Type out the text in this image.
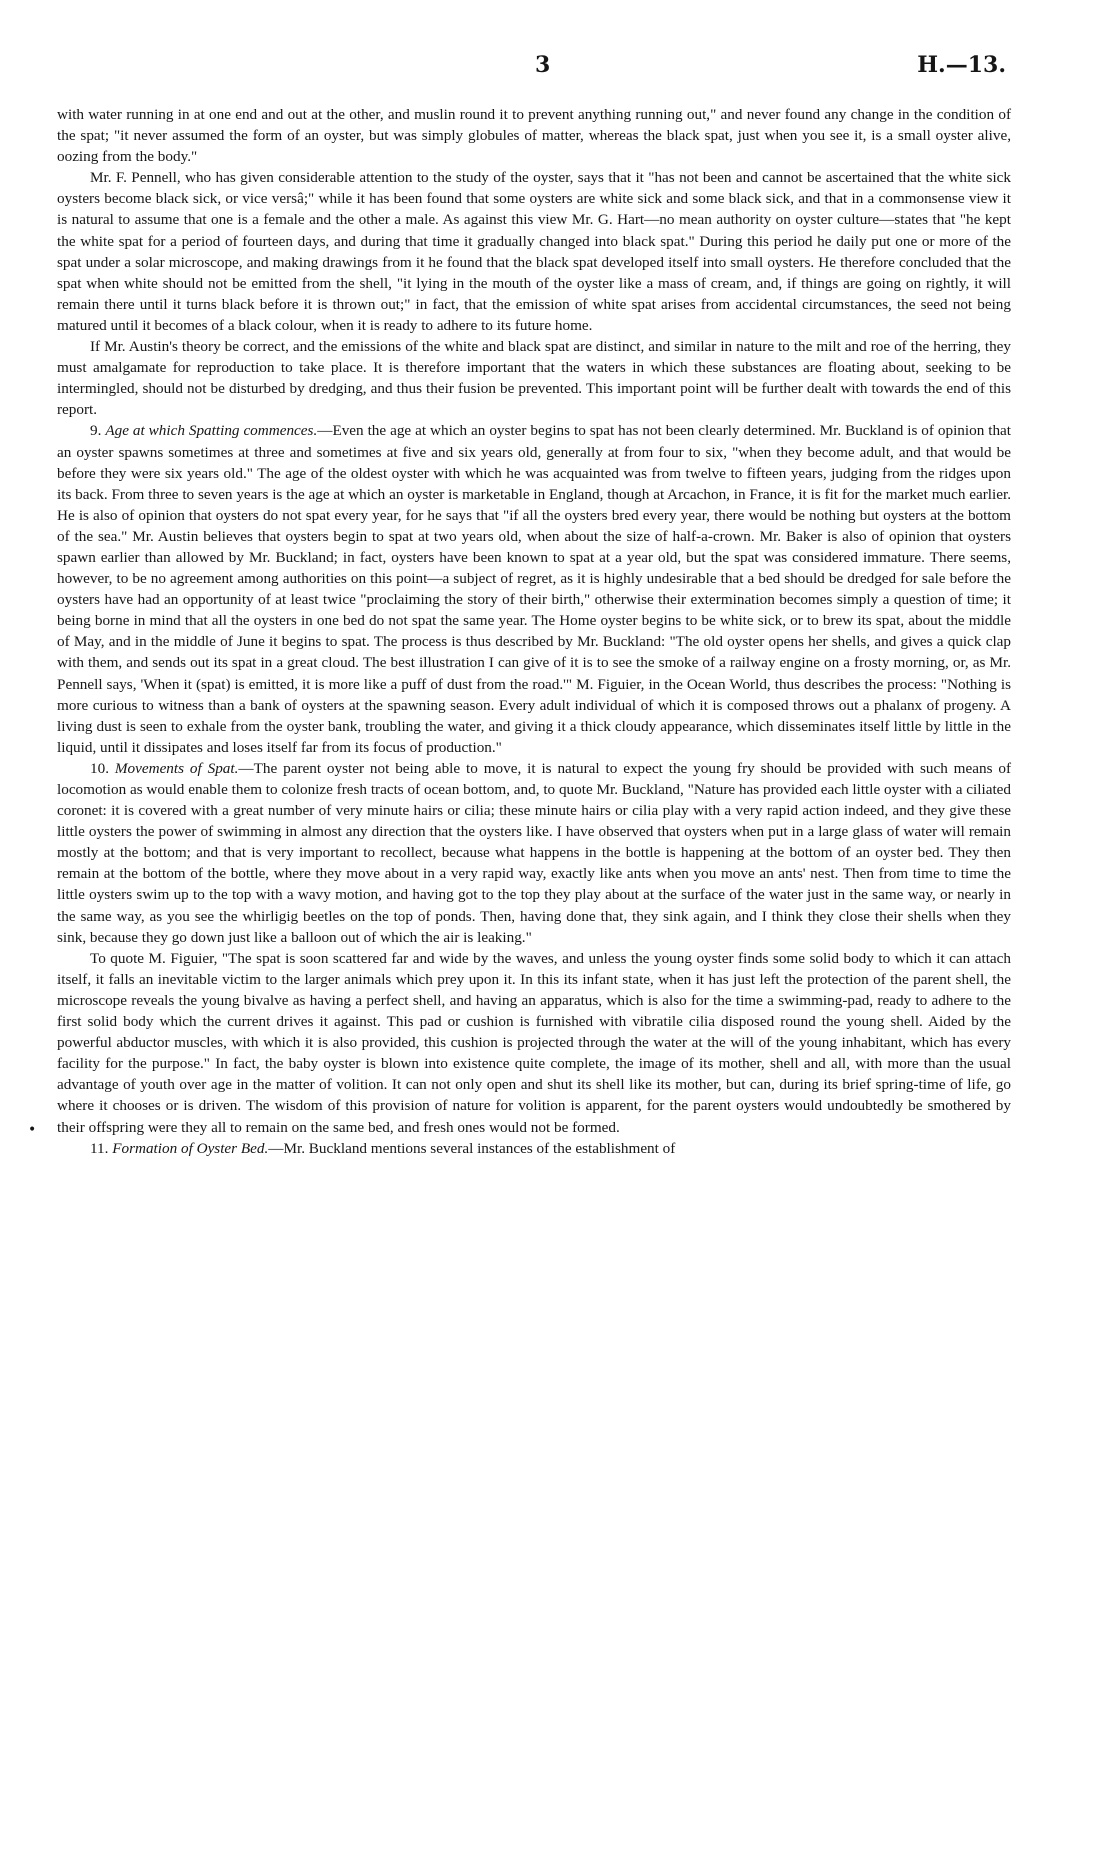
3	H.—13.
•

with water running in at one end and out at the other, and muslin round it to prevent anything running out," and never found any change in the condition of the spat; "it never assumed the form of an oyster, but was simply globules of matter, whereas the black spat, just when you see it, is a small oyster alive, oozing from the body."

Mr. F. Pennell, who has given considerable attention to the study of the oyster, says that it "has not been and cannot be ascertained that the white sick oysters become black sick, or vice versâ;" while it has been found that some oysters are white sick and some black sick, and that in a commonsense view it is natural to assume that one is a female and the other a male. As against this view Mr. G. Hart—no mean authority on oyster culture—states that "he kept the white spat for a period of fourteen days, and during that time it gradually changed into black spat." During this period he daily put one or more of the spat under a solar microscope, and making drawings from it he found that the black spat developed itself into small oysters. He therefore concluded that the spat when white should not be emitted from the shell, "it lying in the mouth of the oyster like a mass of cream, and, if things are going on rightly, it will remain there until it turns black before it is thrown out;" in fact, that the emission of white spat arises from accidental circumstances, the seed not being matured until it becomes of a black colour, when it is ready to adhere to its future home.

If Mr. Austin's theory be correct, and the emissions of the white and black spat are distinct, and similar in nature to the milt and roe of the herring, they must amalgamate for reproduction to take place. It is therefore important that the waters in which these substances are floating about, seeking to be intermingled, should not be disturbed by dredging, and thus their fusion be prevented. This important point will be further dealt with towards the end of this report.

9. Age at which Spatting commences.—Even the age at which an oyster begins to spat has not been clearly determined. Mr. Buckland is of opinion that an oyster spawns sometimes at three and sometimes at five and six years old, generally at from four to six, "when they become adult, and that would be before they were six years old." The age of the oldest oyster with which he was acquainted was from twelve to fifteen years, judging from the ridges upon its back. From three to seven years is the age at which an oyster is marketable in England, though at Arcachon, in France, it is fit for the market much earlier. He is also of opinion that oysters do not spat every year, for he says that "if all the oysters bred every year, there would be nothing but oysters at the bottom of the sea." Mr. Austin believes that oysters begin to spat at two years old, when about the size of half-a-crown. Mr. Baker is also of opinion that oysters spawn earlier than allowed by Mr. Buckland; in fact, oysters have been known to spat at a year old, but the spat was considered immature. There seems, however, to be no agreement among authorities on this point—a subject of regret, as it is highly undesirable that a bed should be dredged for sale before the oysters have had an opportunity of at least twice "proclaiming the story of their birth," otherwise their extermination becomes simply a question of time; it being borne in mind that all the oysters in one bed do not spat the same year. The Home oyster begins to be white sick, or to brew its spat, about the middle of May, and in the middle of June it begins to spat. The process is thus described by Mr. Buckland: "The old oyster opens her shells, and gives a quick clap with them, and sends out its spat in a great cloud. The best illustration I can give of it is to see the smoke of a railway engine on a frosty morning, or, as Mr. Pennell says, 'When it (spat) is emitted, it is more like a puff of dust from the road.'" M. Figuier, in the Ocean World, thus describes the process: "Nothing is more curious to witness than a bank of oysters at the spawning season. Every adult individual of which it is composed throws out a phalanx of progeny. A living dust is seen to exhale from the oyster bank, troubling the water, and giving it a thick cloudy appearance, which disseminates itself little by little in the liquid, until it dissipates and loses itself far from its focus of production."

10. Movements of Spat.—The parent oyster not being able to move, it is natural to expect the young fry should be provided with such means of locomotion as would enable them to colonize fresh tracts of ocean bottom, and, to quote Mr. Buckland, "Nature has provided each little oyster with a ciliated coronet: it is covered with a great number of very minute hairs or cilia; these minute hairs or cilia play with a very rapid action indeed, and they give these little oysters the power of swimming in almost any direction that the oysters like. I have observed that oysters when put in a large glass of water will remain mostly at the bottom; and that is very important to recollect, because what happens in the bottle is happening at the bottom of an oyster bed. They then remain at the bottom of the bottle, where they move about in a very rapid way, exactly like ants when you move an ants' nest. Then from time to time the little oysters swim up to the top with a wavy motion, and having got to the top they play about at the surface of the water just in the same way, or nearly in the same way, as you see the whirligig beetles on the top of ponds. Then, having done that, they sink again, and I think they close their shells when they sink, because they go down just like a balloon out of which the air is leaking."

To quote M. Figuier, "The spat is soon scattered far and wide by the waves, and unless the young oyster finds some solid body to which it can attach itself, it falls an inevitable victim to the larger animals which prey upon it. In this its infant state, when it has just left the protection of the parent shell, the microscope reveals the young bivalve as having a perfect shell, and having an apparatus, which is also for the time a swimming-pad, ready to adhere to the first solid body which the current drives it against. This pad or cushion is furnished with vibratile cilia disposed round the young shell. Aided by the powerful abductor muscles, with which it is also provided, this cushion is projected through the water at the will of the young inhabitant, which has every facility for the purpose." In fact, the baby oyster is blown into existence quite complete, the image of its mother, shell and all, with more than the usual advantage of youth over age in the matter of volition. It can not only open and shut its shell like its mother, but can, during its brief spring-time of life, go where it chooses or is driven. The wisdom of this provision of nature for volition is apparent, for the parent oysters would undoubtedly be smothered by their offspring were they all to remain on the same bed, and fresh ones would not be formed.

11. Formation of Oyster Bed.—Mr. Buckland mentions several instances of the establishment of
